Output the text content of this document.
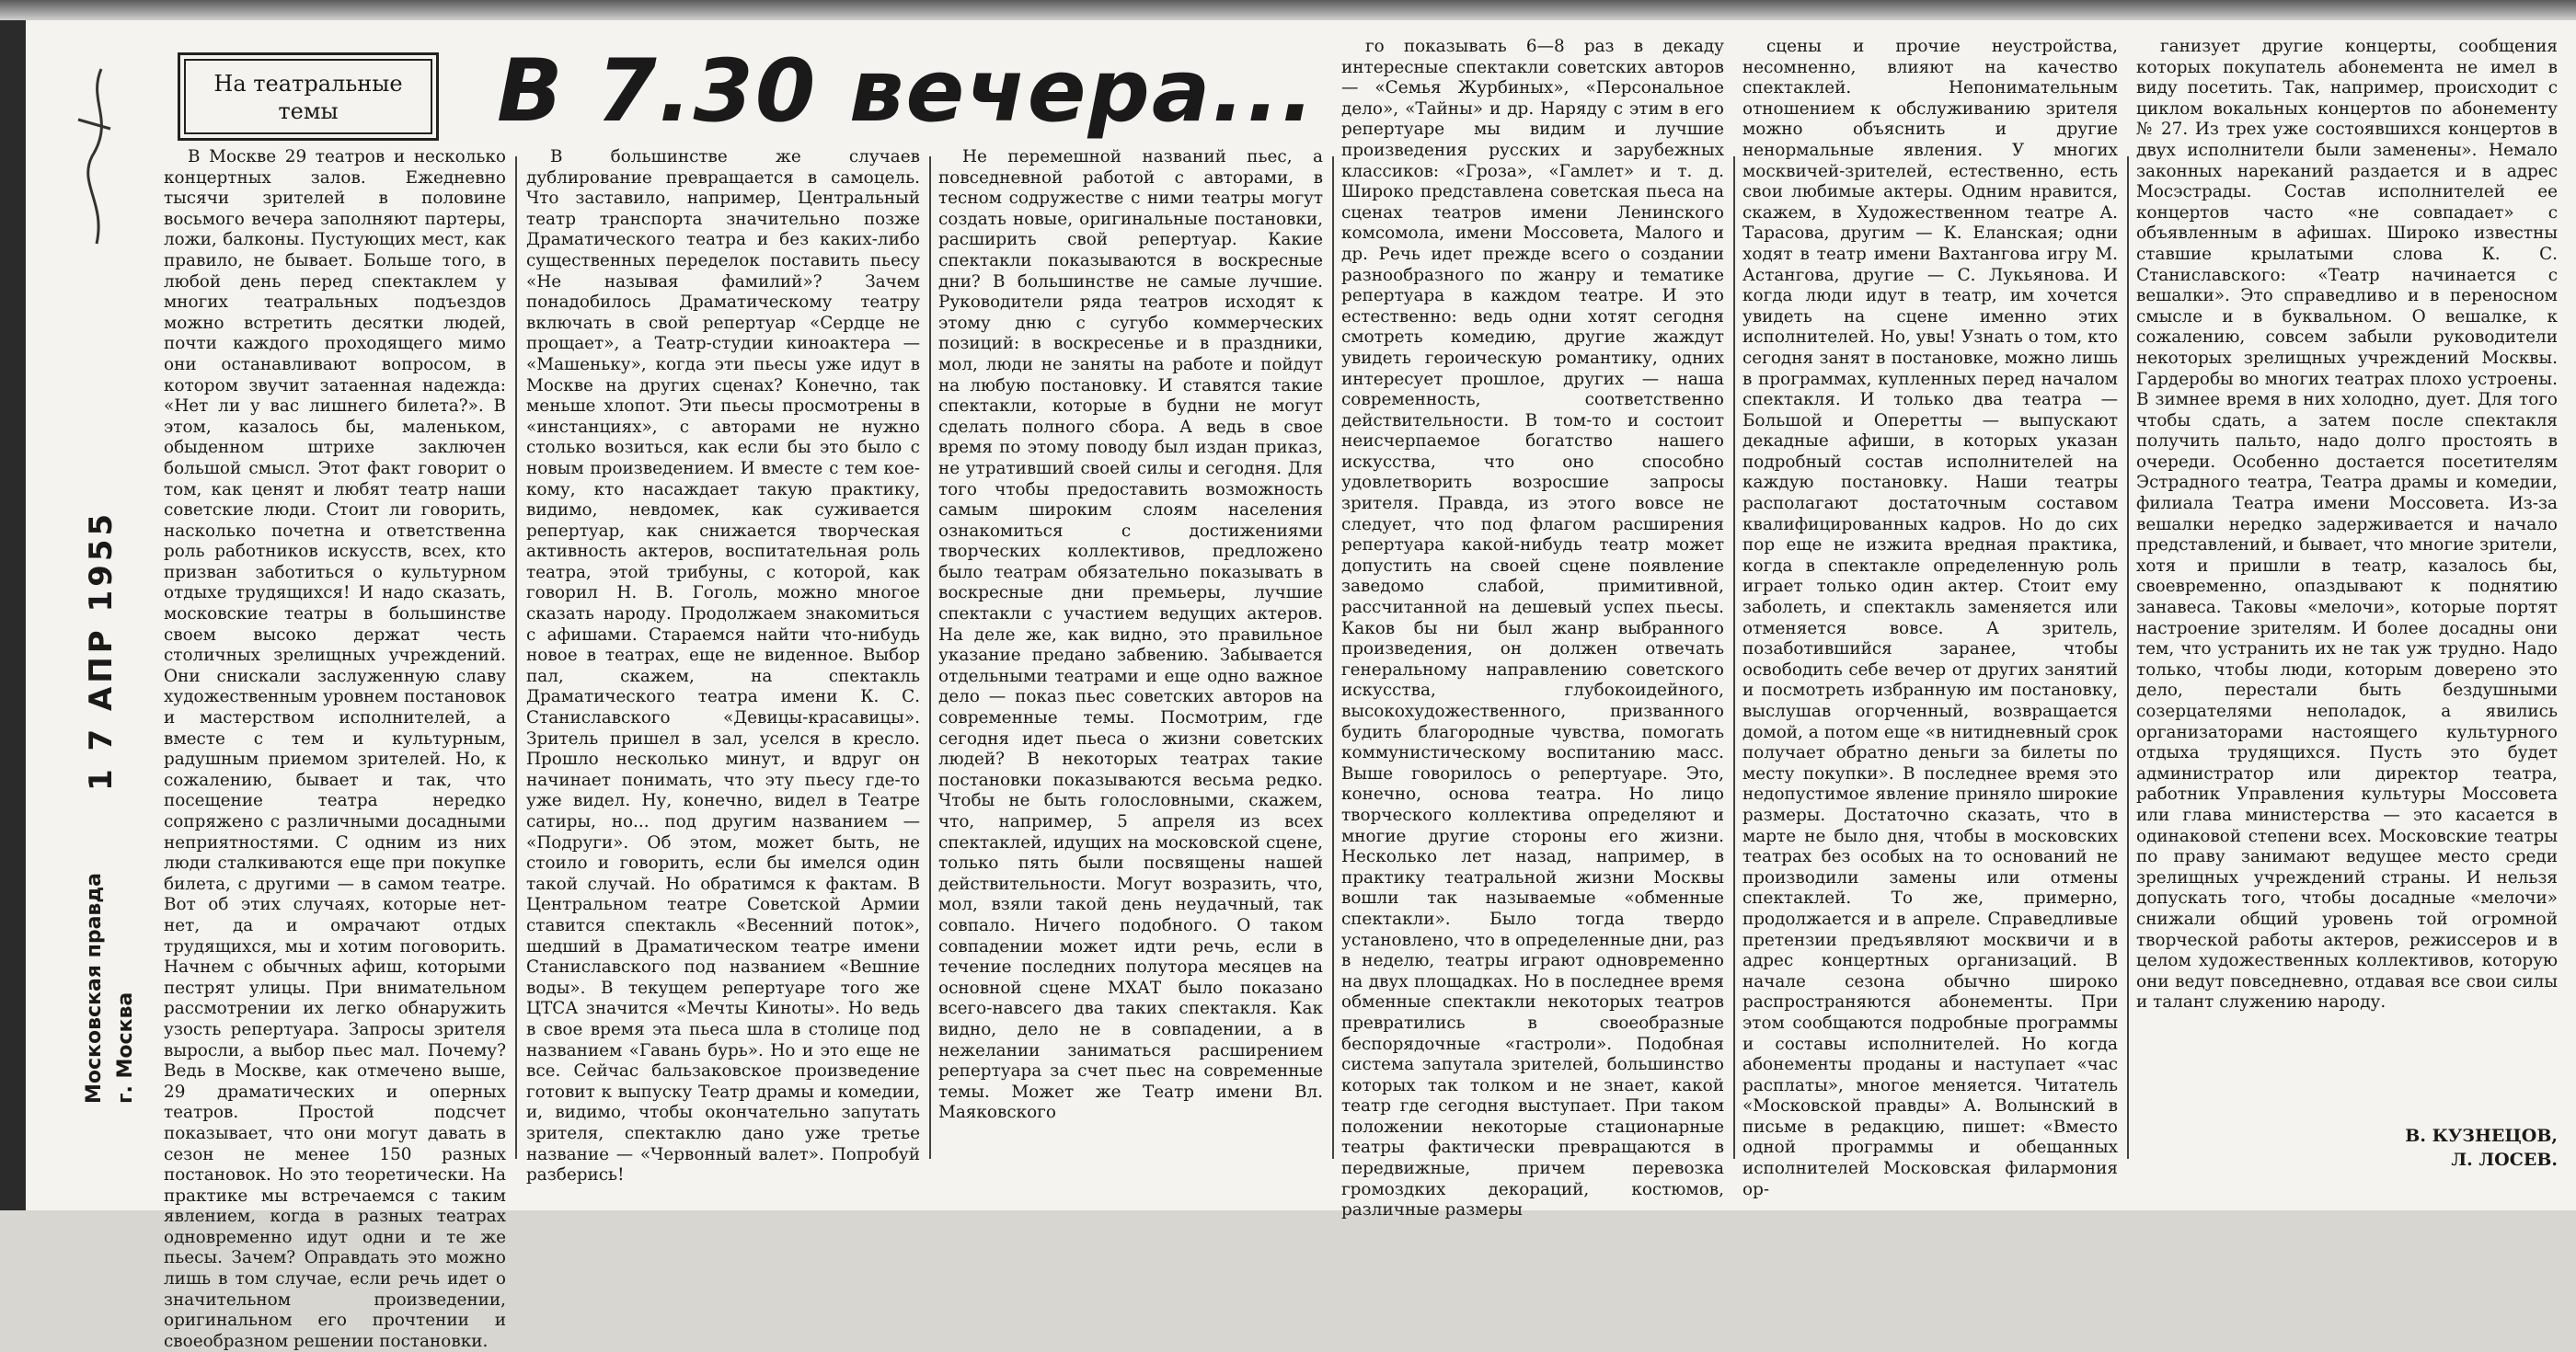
1 7 АПР 1955
Московская правда г. Москва
На театральные темы	В 7.30 вечера...

В Москве 29 театров и несколько концертных залов. Ежедневно тысячи зрителей в половине восьмого вечера заполняют партеры, ложи, балконы. Пустующих мест, как правило, не бывает. Больше того, в любой день перед спектаклем у многих театральных подъездов можно встретить десятки людей, почти каждого проходящего мимо они останавливают вопросом, в котором звучит затаенная надежда: «Нет ли у вас лишнего билета?». В этом, казалось бы, маленьком, обыденном штрихе заключен большой смысл. Этот факт говорит о том, как ценят и любят театр наши советские люди. Стоит ли говорить, насколько почетна и ответственна роль работников искусств, всех, кто призван заботиться о культурном отдыхе трудящихся! И надо сказать, московские театры в большинстве своем высоко держат честь столичных зрелищных учреждений. Они снискали заслуженную славу художественным уровнем постановок и мастерством исполнителей, а вместе с тем и культурным, радушным приемом зрителей. Но, к сожалению, бывает и так, что посещение театра нередко сопряжено с различными досадными неприятностями. С одним из них люди сталкиваются еще при покупке билета, с другими — в самом театре. Вот об этих случаях, которые нет-нет, да и омрачают отдых трудящихся, мы и хотим поговорить. Начнем с обычных афиш, которыми пестрят улицы. При внимательном рассмотрении их легко обнаружить узость репертуара. Запросы зрителя выросли, а выбор пьес мал. Почему? Ведь в Москве, как отмечено выше, 29 драматических и оперных театров. Простой подсчет показывает, что они могут давать в сезон не менее 150 разных постановок. Но это теоретически. На практике мы встречаемся с таким явлением, когда в разных театрах одновременно идут одни и те же пьесы. Зачем? Оправдать это можно лишь в том случае, если речь идет о значительном произведении, оригинальном его прочтении и своеобразном решении постановки.

В большинстве же случаев дублирование превращается в самоцель. Что заставило, например, Центральный театр транспорта значительно позже Драматического театра и без каких-либо существенных переделок поставить пьесу «Не называя фамилий»? Зачем понадобилось Драматическому театру включать в свой репертуар «Сердце не прощает», а Театр-студии киноактера — «Машеньку», когда эти пьесы уже идут в Москве на других сценах? Конечно, так меньше хлопот. Эти пьесы просмотрены в «инстанциях», с авторами не нужно столько возиться, как если бы это было с новым произведением. И вместе с тем кое-кому, кто насаждает такую практику, видимо, невдомек, как суживается репертуар, как снижается творческая активность актеров, воспитательная роль театра, этой трибуны, с которой, как говорил Н. В. Гоголь, можно многое сказать народу. Продолжаем знакомиться с афишами. Стараемся найти что-нибудь новое в театрах, еще не виденное. Выбор пал, скажем, на спектакль Драматического театра имени К. С. Станиславского «Девицы-красавицы». Зритель пришел в зал, уселся в кресло. Прошло несколько минут, и вдруг он начинает понимать, что эту пьесу где-то уже видел. Ну, конечно, видел в Театре сатиры, но... под другим названием — «Подруги». Об этом, может быть, не стоило и говорить, если бы имелся один такой случай. Но обратимся к фактам. В Центральном театре Советской Армии ставится спектакль «Весенний поток», шедший в Драматическом театре имени Станиславского под названием «Вешние воды». В текущем репертуаре того же ЦТСА значится «Мечты Киноты». Но ведь в свое время эта пьеса шла в столице под названием «Гавань бурь». Но и это еще не все. Сейчас бальзаковское произведение готовит к выпуску Театр драмы и комедии, и, видимо, чтобы окончательно запутать зрителя, спектаклю дано уже третье название — «Червонный валет». Попробуй разберись!

Не перемешной названий пьес, а повседневной работой с авторами, в тесном содружестве с ними театры могут создать новые, оригинальные постановки, расширить свой репертуар. Какие спектакли показываются в воскресные дни? В большинстве не самые лучшие. Руководители ряда театров исходят к этому дню с сугубо коммерческих позиций: в воскресенье и в праздники, мол, люди не заняты на работе и пойдут на любую постановку. И ставятся такие спектакли, которые в будни не могут сделать полного сбора. А ведь в свое время по этому поводу был издан приказ, не утративший своей силы и сегодня. Для того чтобы предоставить возможность самым широким слоям населения ознакомиться с достижениями творческих коллективов, предложено было театрам обязательно показывать в воскресные дни премьеры, лучшие спектакли с участием ведущих актеров. На деле же, как видно, это правильное указание предано забвению. Забывается отдельными театрами и еще одно важное дело — показ пьес советских авторов на современные темы. Посмотрим, где сегодня идет пьеса о жизни советских людей? В некоторых театрах такие постановки показываются весьма редко. Чтобы не быть голословными, скажем, что, например, 5 апреля из всех спектаклей, идущих на московской сцене, только пять были посвящены нашей действительности. Могут возразить, что, мол, взяли такой день неудачный, так совпало. Ничего подобного. О таком совпадении может идти речь, если в течение последних полутора месяцев на основной сцене МХАТ было показано всего-навсего два таких спектакля. Как видно, дело не в совпадении, а в нежелании заниматься расширением репертуара за счет пьес на современные темы. Может же Театр имени Вл. Маяковского

го показывать 6—8 раз в декаду интересные спектакли советских авторов — «Семья Журбиных», «Персональное дело», «Тайны» и др. Наряду с этим в его репертуаре мы видим и лучшие произведения русских и зарубежных классиков: «Гроза», «Гамлет» и т. д. Широко представлена советская пьеса на сценах театров имени Ленинского комсомола, имени Моссовета, Малого и др. Речь идет прежде всего о создании разнообразного по жанру и тематике репертуара в каждом театре. И это естественно: ведь одни хотят сегодня смотреть комедию, другие жаждут увидеть героическую романтику, одних интересует прошлое, других — наша современность, соответственно действительности. В том-то и состоит неисчерпаемое богатство нашего искусства, что оно способно удовлетворить возросшие запросы зрителя. Правда, из этого вовсе не следует, что под флагом расширения репертуара какой-нибудь театр может допустить на своей сцене появление заведомо слабой, примитивной, рассчитанной на дешевый успех пьесы. Каков бы ни был жанр выбранного произведения, он должен отвечать генеральному направлению советского искусства, глубокоидейного, высокохудожественного, призванного будить благородные чувства, помогать коммунистическому воспитанию масс. Выше говорилось о репертуаре. Это, конечно, основа театра. Но лицо творческого коллектива определяют и многие другие стороны его жизни. Несколько лет назад, например, в практику театральной жизни Москвы вошли так называемые «обменные спектакли». Было тогда твердо установлено, что в определенные дни, раз в неделю, театры играют одновременно на двух площадках. Но в последнее время обменные спектакли некоторых театров превратились в своеобразные беспорядочные «гастроли». Подобная система запутала зрителей, большинство которых так толком и не знает, какой театр где сегодня выступает. При таком положении некоторые стационарные театры фактически превращаются в передвижные, причем перевозка громоздких декораций, костюмов, различные размеры

сцены и прочие неустройства, несомненно, влияют на качество спектаклей. Непонимательным отношением к обслуживанию зрителя можно объяснить и другие ненормальные явления. У многих москвичей-зрителей, естественно, есть свои любимые актеры. Одним нравится, скажем, в Художественном театре А. Тарасова, другим — К. Еланская; одни ходят в театр имени Вахтангова игру М. Астангова, другие — С. Лукьянова. И когда люди идут в театр, им хочется увидеть на сцене именно этих исполнителей. Но, увы! Узнать о том, кто сегодня занят в постановке, можно лишь в программах, купленных перед началом спектакля. И только два театра — Большой и Оперетты — выпускают декадные афиши, в которых указан подробный состав исполнителей на каждую постановку. Наши театры располагают достаточным составом квалифицированных кадров. Но до сих пор еще не изжита вредная практика, когда в спектакле определенную роль играет только один актер. Стоит ему заболеть, и спектакль заменяется или отменяется вовсе. А зритель, позаботившийся заранее, чтобы освободить себе вечер от других занятий и посмотреть избранную им постановку, выслушав огорченный, возвращается домой, а потом еще «в нитидневный срок получает обратно деньги за билеты по месту покупки». В последнее время это недопустимое явление приняло широкие размеры. Достаточно сказать, что в марте не было дня, чтобы в московских театрах без особых на то оснований не производили замены или отмены спектаклей. То же, примерно, продолжается и в апреле. Справедливые претензии предъявляют москвичи и в адрес концертных организаций. В начале сезона обычно широко распространяются абонементы. При этом сообщаются подробные программы и составы исполнителей. Но когда абонементы проданы и наступает «час расплаты», многое меняется. Читатель «Московской правды» А. Волынский в письме в редакцию, пишет: «Вместо одной программы и обещанных исполнителей Московская филармония ор-

ганизует другие концерты, сообщения которых покупатель абонемента не имел в виду посетить. Так, например, происходит с циклом вокальных концертов по абонементу № 27. Из трех уже состоявшихся концертов в двух исполнители были заменены». Немало законных нареканий раздается и в адрес Мосэстрады. Состав исполнителей ее концертов часто «не совпадает» с объявленным в афишах. Широко известны ставшие крылатыми слова К. С. Станиславского: «Театр начинается с вешалки». Это справедливо и в переносном смысле и в буквальном. О вешалке, к сожалению, совсем забыли руководители некоторых зрелищных учреждений Москвы. Гардеробы во многих театрах плохо устроены. В зимнее время в них холодно, дует. Для того чтобы сдать, а затем после спектакля получить пальто, надо долго простоять в очереди. Особенно достается посетителям Эстрадного театра, Театра драмы и комедии, филиала Театра имени Моссовета. Из-за вешалки нередко задерживается и начало представлений, и бывает, что многие зрители, хотя и пришли в театр, казалось бы, своевременно, опаздывают к поднятию занавеса. Таковы «мелочи», которые портят настроение зрителям. И более досадны они тем, что устранить их не так уж трудно. Надо только, чтобы люди, которым доверено это дело, перестали быть бездушными созерцателями неполадок, а явились организаторами настоящего культурного отдыха трудящихся. Пусть это будет администратор или директор театра, работник Управления культуры Моссовета или глава министерства — это касается в одинаковой степени всех. Московские театры по праву занимают ведущее место среди зрелищных учреждений страны. И нельзя допускать того, чтобы досадные «мелочи» снижали общий уровень той огромной творческой работы актеров, режиссеров и в целом художественных коллективов, которую они ведут повседневно, отдавая все свои силы и талант служению народу.

В. КУЗНЕЦОВ,
Л. ЛОСЕВ.
